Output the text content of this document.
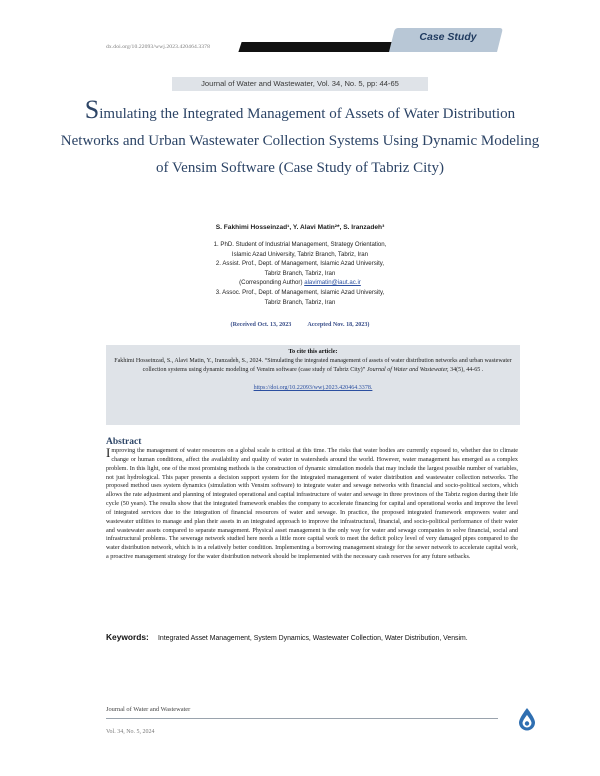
Case Study
dx.doi.org/10.22093/wwj.2023.420464.3378
Journal of Water and Wastewater, Vol. 34, No. 5, pp: 44-65
Simulating the Integrated Management of Assets of Water Distribution Networks and Urban Wastewater Collection Systems Using Dynamic Modeling of Vensim Software (Case Study of Tabriz City)
S. Fakhimi Hosseinzad¹, Y. Alavi Matin²*, S. Iranzadeh³
1. PhD. Student of Industrial Management, Strategy Orientation,
Islamic Azad University, Tabriz Branch, Tabriz, Iran
2. Assist. Prof., Dept. of Management, Islamic Azad University,
Tabriz Branch, Tabriz, Iran
(Corresponding Author) alavimatin@iaut.ac.ir
3. Assoc. Prof., Dept. of Management, Islamic Azad University,
Tabriz Branch, Tabriz, Iran
(Received Oct. 13, 2023	Accepted Nov. 18, 2023)
To cite this article:
Fakhimi Hosseinzad, S., Alavi Matin, Y., Iranzadeh, S., 2024. “Simulating the integrated management of assets of water distribution networks and urban wastewater collection systems using dynamic modeling of Vensim software (case study of Tabriz City)” Journal of Water and Wastewater, 34(5), 44-65 .
https://doi.org/10.22093/wwj.2023.420464.3378.
Abstract
Improving the management of water resources on a global scale is critical at this time. The risks that water bodies are currently exposed to, whether due to climate change or human conditions, affect the availability and quality of water in watersheds around the world. However, water management has emerged as a complex problem. In this light, one of the most promising methods is the construction of dynamic simulation models that may include the largest possible number of variables, not just hydrological. This paper presents a decision support system for the integrated management of water distribution and wastewater collection networks. The proposed method uses system dynamics (simulation with Vensim software) to integrate water and sewage networks with financial and socio-political sectors, which allows the rate adjustment and planning of integrated operational and capital infrastructure of water and sewage in three provinces of the Tabriz region during their life cycle (50 years). The results show that the integrated framework enables the company to accelerate financing for capital and operational works and improve the level of integrated services due to the integration of financial resources of water and sewage. In practice, the proposed integrated framework empowers water and wastewater utilities to manage and plan their assets in an integrated approach to improve the infrastructural, financial, and socio-political performance of their water and wastewater assets compared to separate management. Physical asset management is the only way for water and sewage companies to solve financial, social and infrastructural problems. The sewerage network studied here needs a little more capital work to meet the deficit policy level of very damaged pipes compared to the water distribution network, which is in a relatively better condition. Implementing a borrowing management strategy for the sewer network to accelerate capital work, a proactive management strategy for the water distribution network should be implemented with the necessary cash reserves for any future setbacks.
Keywords: Integrated Asset Management, System Dynamics, Wastewater Collection, Water Distribution, Vensim.
Journal of Water and Wastewater
Vol. 34, No. 5, 2024
